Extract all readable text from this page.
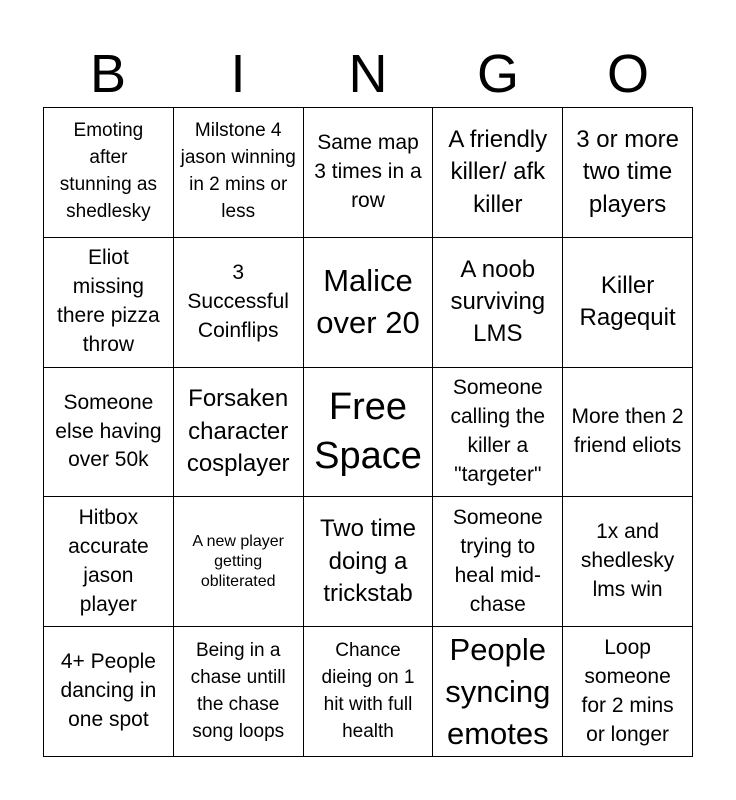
B	I	N	G	O
Emoting after stunning as shedlesky
Milstone 4 jason winning in 2 mins or less
Same map 3 times in a row
A friendly killer/ afk killer
3 or more two time players
Eliot missing there pizza throw
3 Successful Coinflips
Malice over 20
A noob surviving LMS
Killer Ragequit
Someone else having over 50k
Forsaken character cosplayer
Free Space
Someone calling the killer a "targeter"
More then 2 friend eliots
Hitbox accurate jason player
A new player getting obliterated
Two time doing a trickstab
Someone trying to heal mid-chase
1x and shedlesky lms win
4+ People dancing in one spot
Being in a chase untill the chase song loops
Chance dieing on 1 hit with full health
People syncing emotes
Loop someone for 2 mins or longer
